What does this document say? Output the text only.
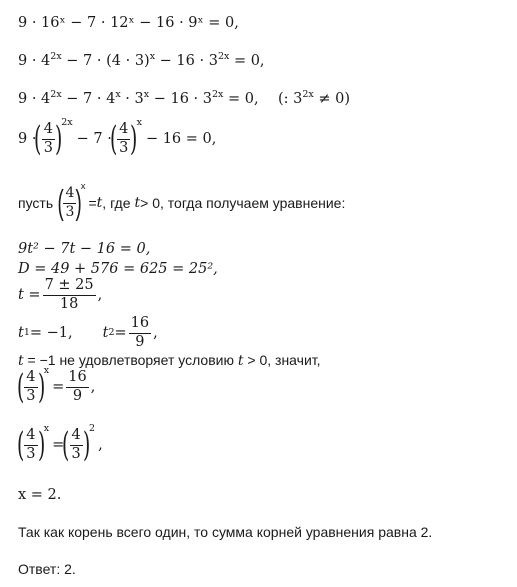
9 · 16ˣ − 7 · 12ˣ − 16 · 9ˣ = 0,
$9 \cdot 4^{2x} - 7 \cdot (4 \cdot 3)^x - 16 \cdot 3^{2x} = 0$,
$9 \cdot 4^{2x} - 7 \cdot 4^x \cdot 3^x - 16 \cdot 3^{2x} = 0$, (: $3^{2x} \ne 0$)
9 ·
( $\frac{4}{3}$ )
2x
− 7 ·
( $\frac{4}{3}$ )
x
− 16 = 0,
пусть ( $\frac{4}{3}$ )
x
= t , где t > 0, тогда получаем уравнение:
9t² − 7t − 16 = 0,
D = 49 + 576 = 625 = 25²,
$t = \frac{7 \pm 25}{18}$ ,
t 1 = −1, t $2 = \frac{16}{9}$ ,
t = −1 не удовлетворяет условию t > 0, значит,
( $\frac{4}{3}$ )
x
= $\frac{16}{9}$ ,
( $\frac{4}{3}$ )
x
=
( $\frac{4}{3}$ )
2
,
x = 2.
Так как корень всего один, то сумма корней уравнения равна 2.
Ответ: 2.
